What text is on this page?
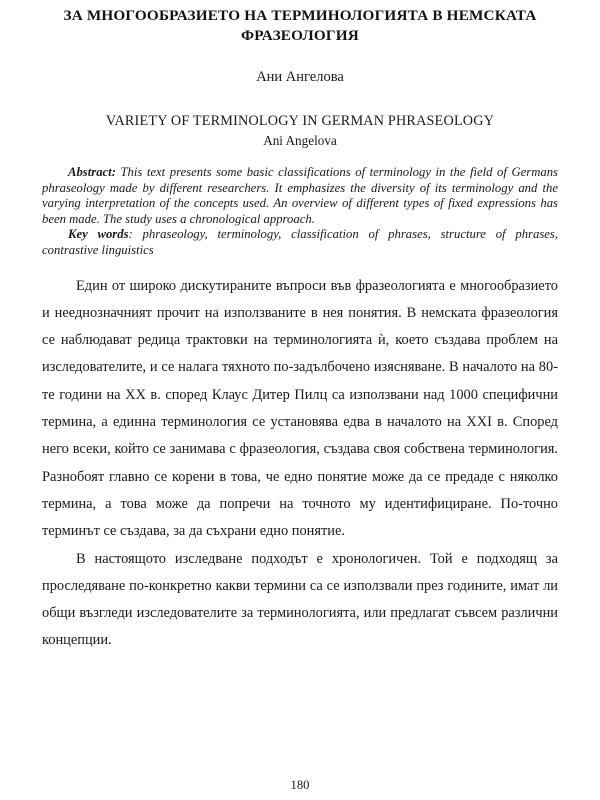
ЗА МНОГООБРАЗИЕТО НА ТЕРМИНОЛОГИЯТА В НЕМСКАТА ФРАЗЕОЛОГИЯ
Ани Ангелова
VARIETY OF TERMINOLOGY IN GERMAN PHRASEOLOGY
Ani Angelova

Abstract: This text presents some basic classifications of terminology in the field of Germans phraseology made by different researchers. It emphasizes the diversity of its terminology and the varying interpretation of the concepts used. An overview of different types of fixed expressions has been made. The study uses a chronological approach.

Key words: phraseology, terminology, classification of phrases, structure of phrases, contrastive linguistics

Един от широко дискутираните въпроси във фразеологията е многообразието и нееднозначният прочит на използваните в нея понятия. В немската фразеология се наблюдават редица трактовки на терминологията ѝ, което създава проблем на изследователите, и се налага тяхното по-задълбочено изясняване. В началото на 80-те години на XX в. според Клаус Дитер Пилц са използвани над 1000 специфични термина, а единна терминология се установява едва в началото на XXI в. Според него всеки, който се занимава с фразеология, създава своя собствена терминология. Разнобоят главно се корени в това, че едно понятие може да се предаде с няколко термина, а това може да попречи на точното му идентифициране. По-точно терминът се създава, за да съхрани едно понятие.

В настоящото изследване подходът е хронологичен. Той е подходящ за проследяване по-конкретно какви термини са се използвали през годините, имат ли общи възгледи изследователите за терминологията, или предлагат съвсем различни концепции.

180
